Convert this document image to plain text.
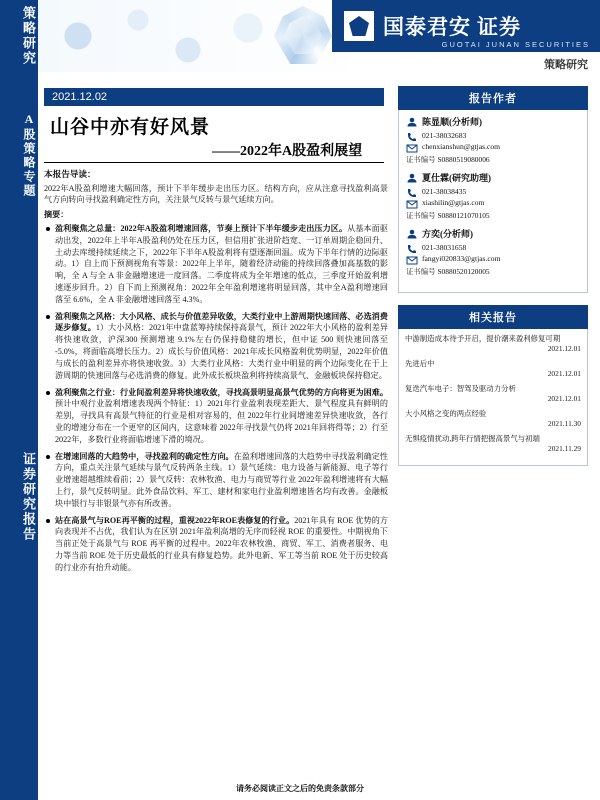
策略研究
A股策略专题
证券研究报告
国泰君安 证券
GUOTAI JUNAN SECURITIES
策略研究
2021.12.02
山谷中亦有好风景
——2022年A股盈利展望
本报告导读：
2022年A股盈利增速大幅回落，预计下半年缓步走出压力区。结构方向，应从注意寻找盈利高景气方向转向寻找盈利确定性方向，关注景气反转与景气延续方向。
摘要：
盈利聚焦之总量：2022年A股盈利增速回落，节奏上预计下半年缓步走出压力区。从基本面驱动出发，2022年上半年A股盈利仍处在压力区，但信用扩张进阶趋宽、一订单周期企稳回升、土动去库缓持续延续之下，2022年下半年A股盈利将有望逐渐回温。成为下半年行情的边际驱动。1）自上而下预测视角有等景：2022年上半年，随着经济动能的持续回落叠加高基数的影响，全 A 与全 A 非金融增速进一度回落。二季度将成为全年增速的低点，三季度开始盈利增速逐步回升。2）自下而上预测视角：2022年全年盈利增速将明显回落，其中全A盈利增速回落至 6.6%，全 A 非金融增速回落至 4.3%。
盈利聚焦之风格：大小风格、成长与价值差异收敛，大类行业中上游周期快速回落、必选消费逐步修复。1）大小风格：2021年中盘蓝筹持续保持高景气，预计 2022年大小风格的盈利差异将快速收敛，沪深300 预测增速 9.1%左右仍保持稳健的增长，但中证 500 则快速回落至 -5.0%，将面临高增长压力。2）成长与价值风格：2021年成长风格盈利优势明显，2022年价值与成长的盈利差异亦将快速收敛。3）大类行业风格：大类行业中明显的两个边际变化在于上游周期的快速回落与必选消费的修复。此外成长板块盈利将持续高景气、金融板块保持稳定。
盈利聚焦之行业：行业间盈利差异将快速收敛，寻找高景明显高景气优势的方向将更为困难。预计中观行业盈利增速表现两个特征：1）2021年行业盈利表现差距大、景气程度具有鲜明的差别，寻找具有高景气特征的行业是相对容易的，但 2022年行业间增速差异快速收敛，各行业的增速分布在一个更窄的区间内，这意味着 2022年寻找景气仍将 2021年回将得等；2）行至 2022年，多数行业将面临增速下滑的境况。
在增速回落的大趋势中，寻找盈利的确定性方向。在盈利增速回落的大趋势中寻找盈利确定性方向，重点关注景气延续与景气反转两条主线。1）景气延续：电力设备与新能源、电子等行业增速超越维续看前；2）景气反转：农林牧渔、电力与商贸等行业 2022年盈利增速将有大幅上行，景气反转明显。此外食品饮料、军工、建材和家电行业盈利增速皆名均有改善。金融板块中银行与非银景气亦有所改善。
站在高景气与ROE再平衡的过程，重视2022年ROE表修复的行业。2021年具有 ROE 优势的方向表现并不占优，我们认为在区别 2021年盈利高增的无序而轻视 ROE 的重要性。中期视角下当前正处于高景气与 ROE 再平衡的过程中。2022年农林牧渔、商贸、军工、消费者服务、电力等当前 ROE 处于历史最低的行业具有修复趋势。此外电新、军工等当前 ROE 处于历史较高的行业亦有抬升动能。
报告作者
陈显顺(分析师)
021-38032683
chenxianshun@gtjas.com
证书编号 S0880519080006
夏仕霖(研究助理)
021-38038435
xiashilin@gtjas.com
证书编号 S0880121070105
方奕(分析师)
021-38031658
fangyi020833@gtjas.com
证书编号 S0880520120005
相关报告
中游制造成本待予开启，提价潮来盈利修复可期
2021.12.01
先进后中
2021.12.01
复迭汽车电子：智驾及驱动力分析
2021.12.01
大小风格之变的两点经验
2021.11.30
无惧疫情扰动,跨年行情把握高景气与初端
2021.11.29
请务必阅读正文之后的免责条款部分
